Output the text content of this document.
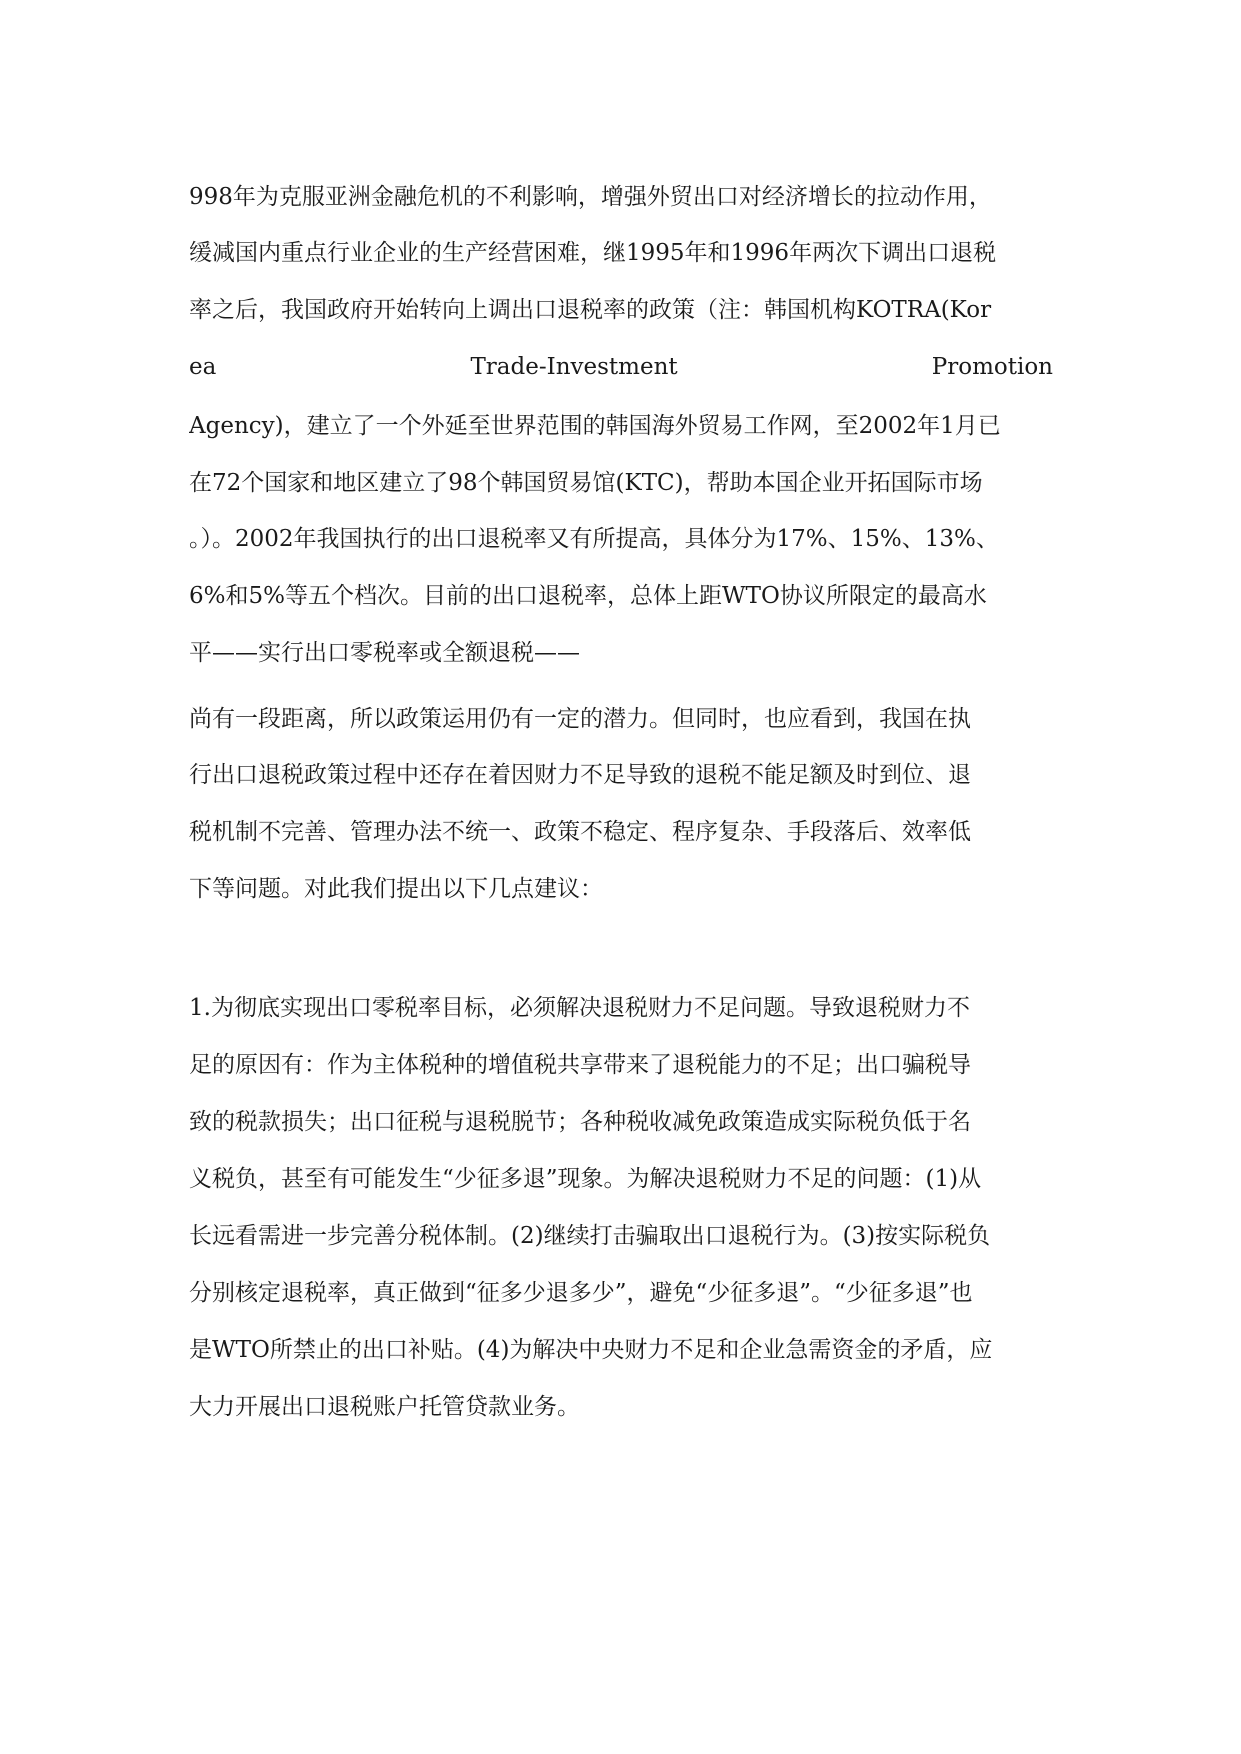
998年为克服亚洲金融危机的不利影响，增强外贸出口对经济增长的拉动作用，
缓减国内重点行业企业的生产经营困难，继1995年和1996年两次下调出口退税
率之后，我国政府开始转向上调出口退税率的政策（注：韩国机构KOTRA(Kor
ea	Trade-Investment	Promotion
Agency)，建立了一个外延至世界范围的韩国海外贸易工作网，至2002年1月已
在72个国家和地区建立了98个韩国贸易馆(KTC)，帮助本国企业开拓国际市场
。）。2002年我国执行的出口退税率又有所提高，具体分为17%、15%、13%、
6%和5%等五个档次。目前的出口退税率，总体上距WTO协议所限定的最高水
平——实行出口零税率或全额退税——
尚有一段距离，所以政策运用仍有一定的潜力。但同时，也应看到，我国在执
行出口退税政策过程中还存在着因财力不足导致的退税不能足额及时到位、退
税机制不完善、管理办法不统一、政策不稳定、程序复杂、手段落后、效率低
下等问题。对此我们提出以下几点建议：
1.为彻底实现出口零税率目标，必须解决退税财力不足问题。导致退税财力不
足的原因有：作为主体税种的增值税共享带来了退税能力的不足；出口骗税导
致的税款损失；出口征税与退税脱节；各种税收减免政策造成实际税负低于名
义税负，甚至有可能发生“少征多退”现象。为解决退税财力不足的问题：(1)从
长远看需进一步完善分税体制。(2)继续打击骗取出口退税行为。(3)按实际税负
分别核定退税率，真正做到“征多少退多少”，避免“少征多退”。“少征多退”也
是WTO所禁止的出口补贴。(4)为解决中央财力不足和企业急需资金的矛盾，应
大力开展出口退税账户托管贷款业务。
